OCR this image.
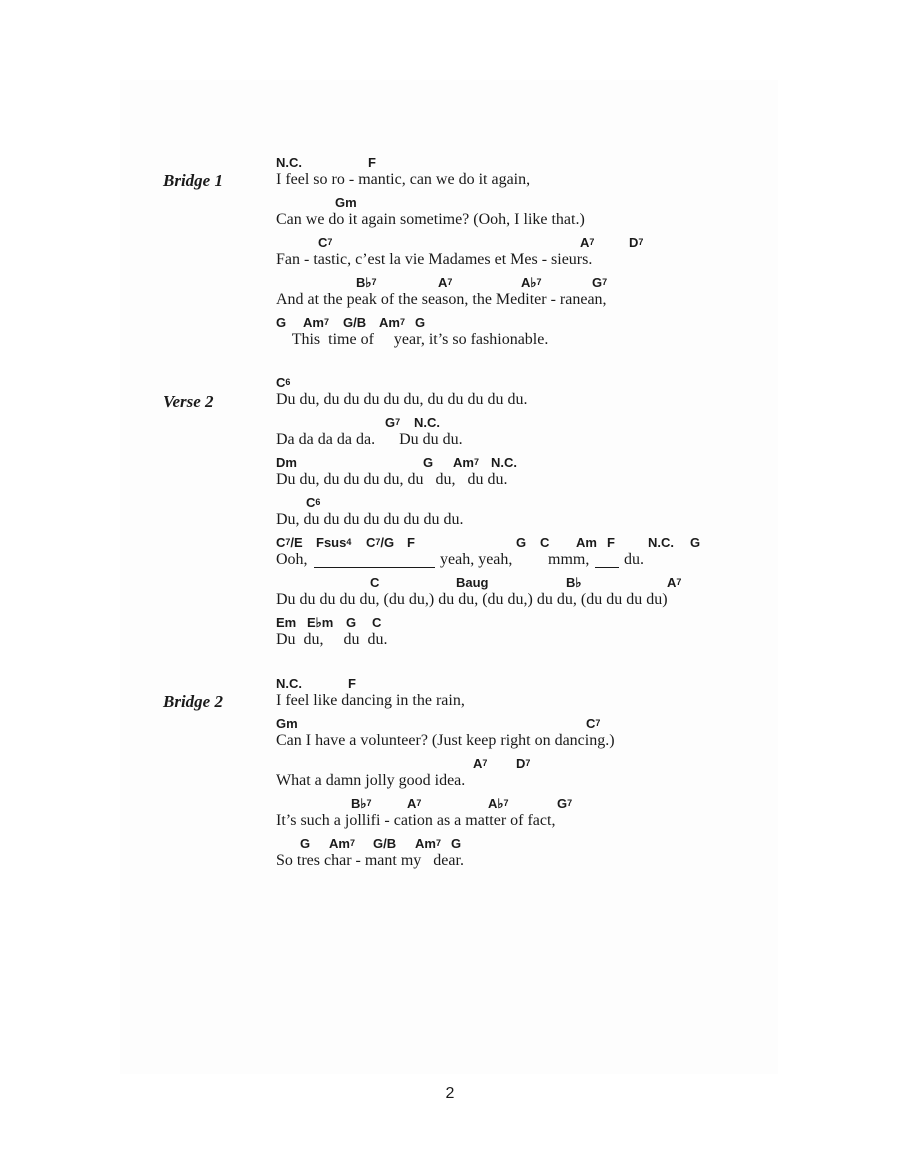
Bridge 1
N.C.	F
I feel so ro - mantic, can we do it again,
Gm
Can we do it again sometime? (Ooh, I like that.)
$C^7$	$A^7$	$D^7$
Fan - tastic, c’est la vie Madames et Mes - sieurs.
B♭$^7$	$A^7$	A♭$^7$	$G^7$
And at the peak of the season, the Mediter - ranean,
G Am$^7$ G/B Am$^7$ G
This  time of     year, it’s so fashionable.
Verse 2
$C^6$
Du du, du du du du du, du du du du du.
$G^7$ N.C.
Da da da da da.      Du du du.
Dm	G Am$^7$ N.C.
Du du, du du du du, du   du,   du du.
$C^6$
Du, du du du du du du du du.
$C^7/E$ Fsus$^4$ $C^7/G$ F	G C Am F	N.C. G
Ooh,	yeah, yeah, mmm, du.
C	Baug	B♭	$A^7$
Du du du du du, (du du,) du du, (du du,) du du, (du du du du)
Em E♭m G C
Du  du,     du  du.
Bridge 2
N.C.	F
I feel like dancing in the rain,
Gm	$C^7$
Can I have a volunteer? (Just keep right on dancing.)
$A^7$ $D^7$
What a damn jolly good idea.
B♭$^7$	$A^7$	A♭$^7$	$G^7$
It’s such a jollifi - cation as a matter of fact,
G Am$^7$ G/B Am$^7$ G
So tres char - mant my   dear.
2
